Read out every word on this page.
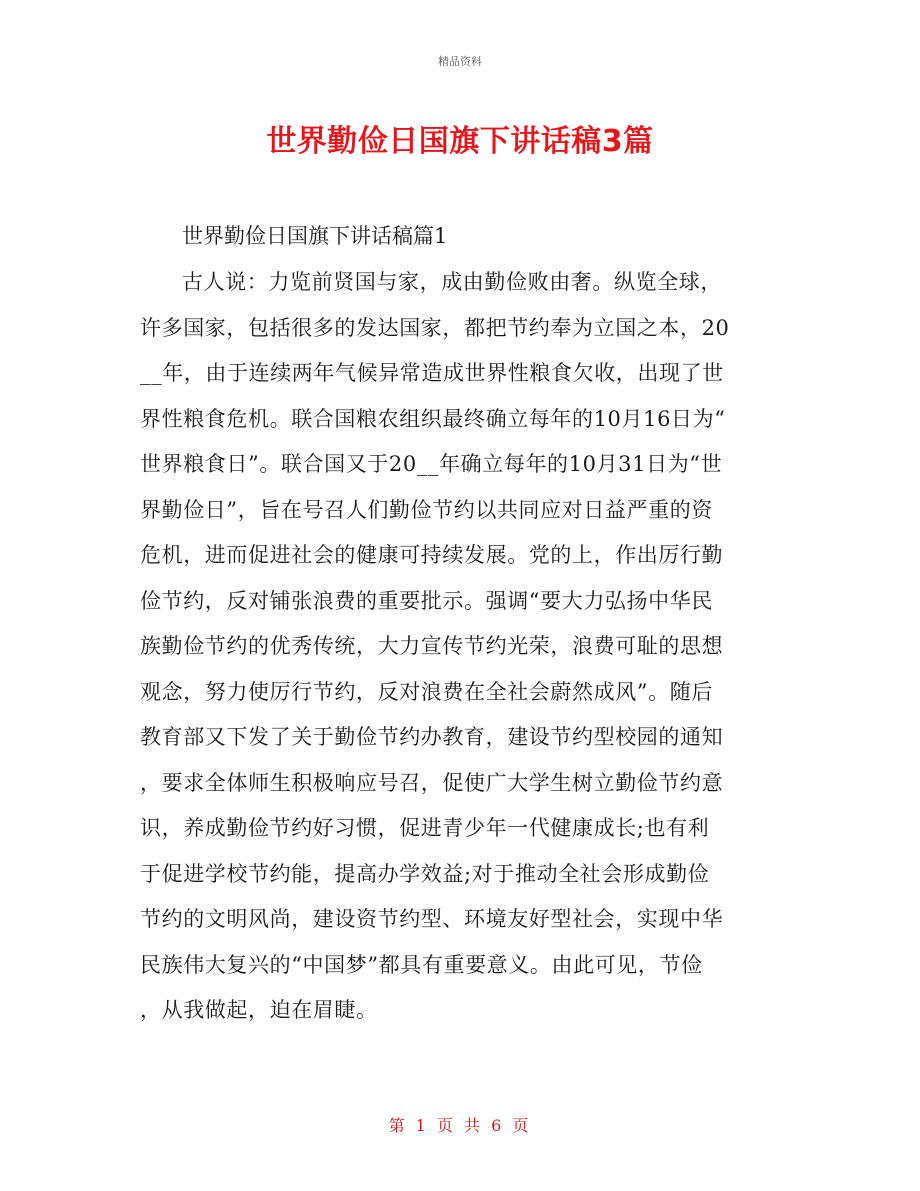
精品资料
世界勤俭日国旗下讲话稿3篇
世界勤俭日国旗下讲话稿篇1
古人说：力览前贤国与家，成由勤俭败由奢。纵览全球，
许多国家，包括很多的发达国家，都把节约奉为立国之本，20
__年，由于连续两年气候异常造成世界性粮食欠收，出现了世
界性粮食危机。联合国粮农组织最终确立每年的10月16日为“
世界粮食日”。联合国又于20__年确立每年的10月31日为“世
界勤俭日”，旨在号召人们勤俭节约以共同应对日益严重的资
危机，进而促进社会的健康可持续发展。党的上，作出厉行勤
俭节约，反对铺张浪费的重要批示。强调“要大力弘扬中华民
族勤俭节约的优秀传统，大力宣传节约光荣，浪费可耻的思想
观念，努力使厉行节约，反对浪费在全社会蔚然成风”。随后
教育部又下发了关于勤俭节约办教育，建设节约型校园的通知
，要求全体师生积极响应号召，促使广大学生树立勤俭节约意
识，养成勤俭节约好习惯，促进青少年一代健康成长;也有利
于促进学校节约能，提高办学效益;对于推动全社会形成勤俭
节约的文明风尚，建设资节约型、环境友好型社会，实现中华
民族伟大复兴的“中国梦”都具有重要意义。由此可见，节俭
，从我做起，迫在眉睫。
第 1 页 共 6 页
